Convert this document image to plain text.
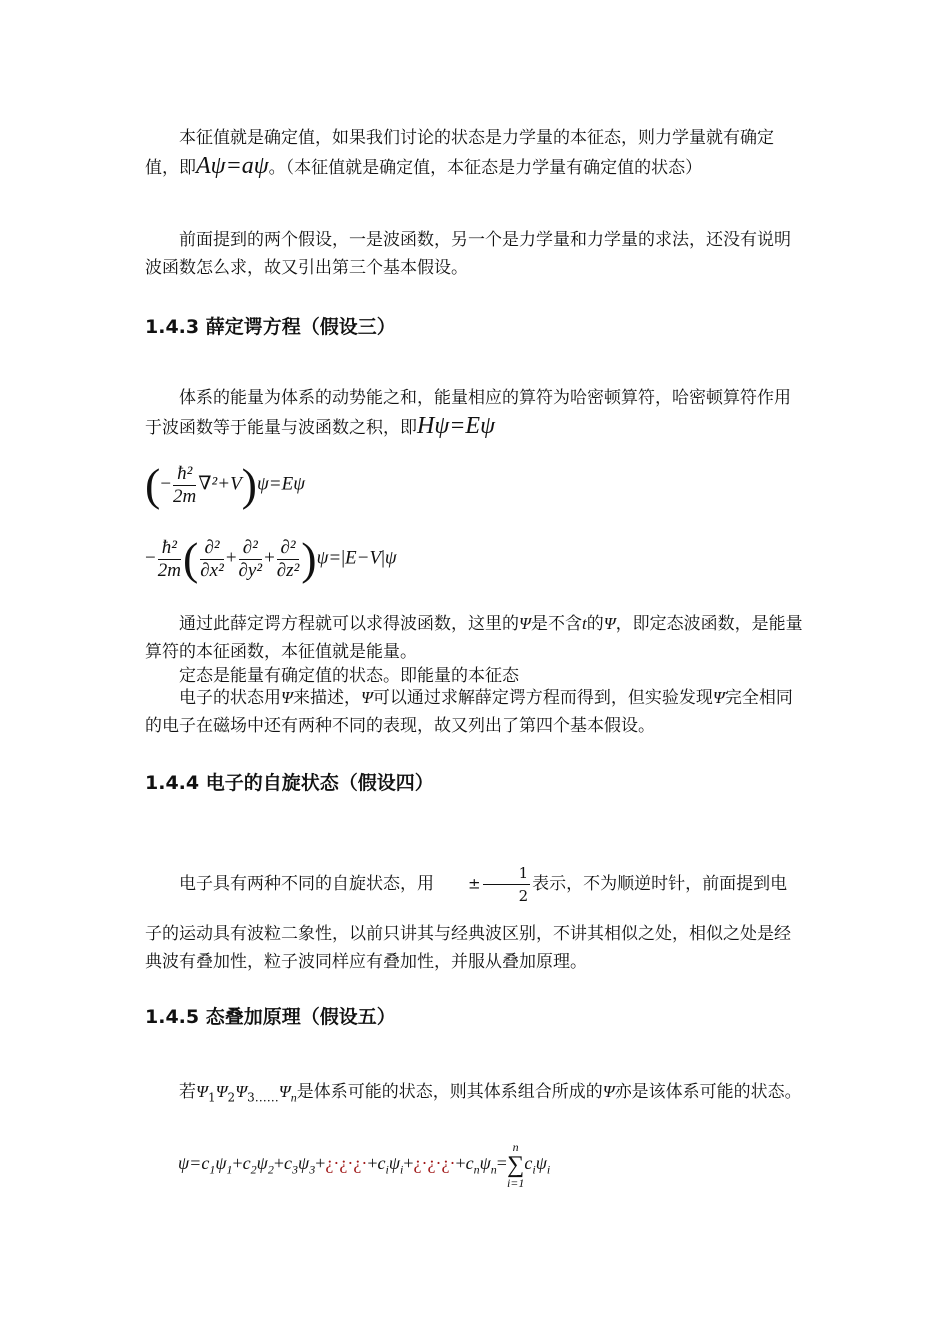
本征值就是确定值，如果我们讨论的状态是力学量的本征态，则力学量就有确定值，即Aψ=aψ。（本征值就是确定值，本征态是力学量有确定值的状态）

前面提到的两个假设，一是波函数，另一个是力学量和力学量的求法，还没有说明波函数怎么求，故又引出第三个基本假设。

1.4.3 薛定谔方程（假设三）

体系的能量为体系的动势能之和，能量相应的算符为哈密顿算符，哈密顿算符作用于波函数等于能量与波函数之积，即Hψ=Eψ

(− $\frac{\text{ħ²}}{2m} \nabla^2+V)\psi=E\psi$
− $\frac{\text{ħ²}}{2m}$ ( $\frac{\text{∂²}}{\text{∂x²}} + \frac{\text{∂²}}{\text{∂y²}} + \frac{\text{∂²}}{\text{∂z²}} )\psi=|E-V|\psi$

通过此薛定谔方程就可以求得波函数，这里的Ψ是不含t的Ψ，即定态波函数，是能量算符的本征函数，本征值就是能量。

定态是能量有确定值的状态。即能量的本征态

电子的状态用Ψ来描述，Ψ可以通过求解薛定谔方程而得到，但实验发现Ψ完全相同的电子在磁场中还有两种不同的表现，故又列出了第四个基本假设。

1.4.4 电子的自旋状态（假设四）

电子具有两种不同的自旋状态，用 ± $\frac{1}{2}$ 表示，不为顺逆时针，前面提到电

子的运动具有波粒二象性，以前只讲其与经典波区别，不讲其相似之处，相似之处是经典波有叠加性，粒子波同样应有叠加性，并服从叠加原理。

1.4.5 态叠加原理（假设五）

若$\Psi_1\Psi_2\Psi_{3\dots\dots}\Psi_n$是体系可能的状态，则其体系组合所成的Ψ亦是该体系可能的状态。

$\psi=c_1\psi_1+c_2\psi_2+c_3\psi_3+¿\cdot¿\cdot¿\cdot+c_i\psi_i+¿\cdot¿\cdot¿\cdot+c_n\psi_n=$
n
∑
i=1
$c_i\psi_i$
